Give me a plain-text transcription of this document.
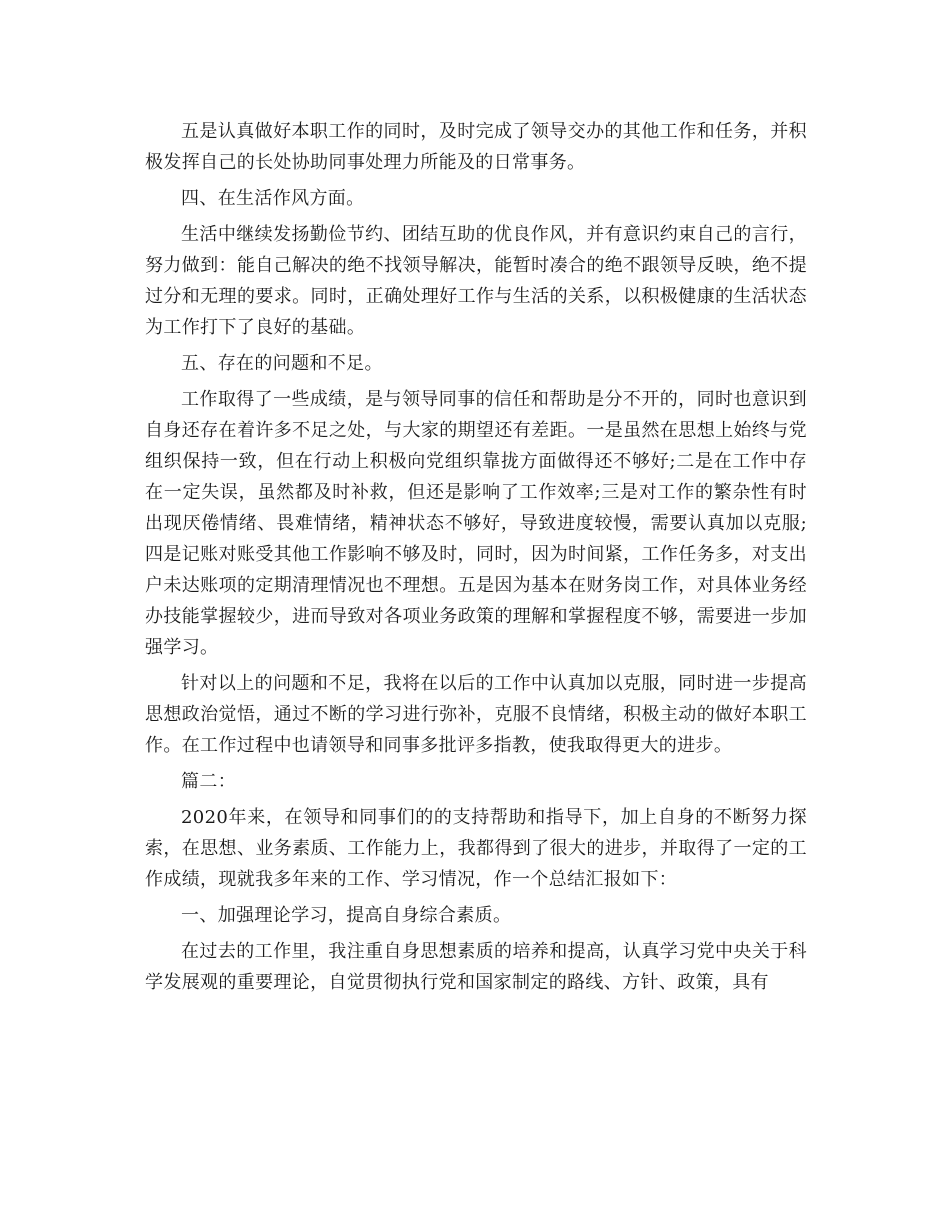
五是认真做好本职工作的同时，及时完成了领导交办的其他工作和任务，并积极发挥自己的长处协助同事处理力所能及的日常事务。

四、在生活作风方面。

生活中继续发扬勤俭节约、团结互助的优良作风，并有意识约束自己的言行，努力做到：能自己解决的绝不找领导解决，能暂时凑合的绝不跟领导反映，绝不提过分和无理的要求。同时，正确处理好工作与生活的关系，以积极健康的生活状态为工作打下了良好的基础。

五、存在的问题和不足。

工作取得了一些成绩，是与领导同事的信任和帮助是分不开的，同时也意识到自身还存在着许多不足之处，与大家的期望还有差距。一是虽然在思想上始终与党组织保持一致，但在行动上积极向党组织靠拢方面做得还不够好;二是在工作中存在一定失误，虽然都及时补救，但还是影响了工作效率;三是对工作的繁杂性有时出现厌倦情绪、畏难情绪，精神状态不够好，导致进度较慢，需要认真加以克服;四是记账对账受其他工作影响不够及时，同时，因为时间紧，工作任务多，对支出户未达账项的定期清理情况也不理想。五是因为基本在财务岗工作，对具体业务经办技能掌握较少，进而导致对各项业务政策的理解和掌握程度不够，需要进一步加强学习。

针对以上的问题和不足，我将在以后的工作中认真加以克服，同时进一步提高思想政治觉悟，通过不断的学习进行弥补，克服不良情绪，积极主动的做好本职工作。在工作过程中也请领导和同事多批评多指教，使我取得更大的进步。

篇二：

2020年来，在领导和同事们的的支持帮助和指导下，加上自身的不断努力探索，在思想、业务素质、工作能力上，我都得到了很大的进步，并取得了一定的工作成绩，现就我多年来的工作、学习情况，作一个总结汇报如下：

一、加强理论学习，提高自身综合素质。

在过去的工作里，我注重自身思想素质的培养和提高，认真学习党中央关于科学发展观的重要理论，自觉贯彻执行党和国家制定的路线、方针、政策，具有
